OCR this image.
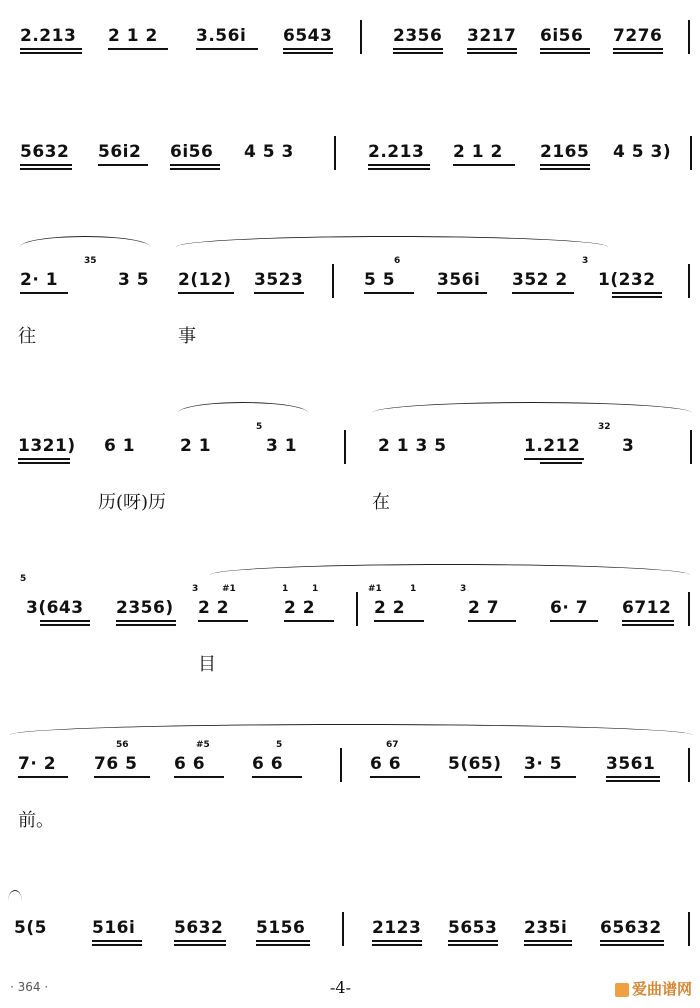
2.213 2 1 2 3.56i 6543	2356 3217 6i56 7276
5632 56i2 6i56 4 5 3	2.213 2 1 2 2165 4 5 3)
35	6	3
2· 1	3 5 2(12) 3523	5 5 356i 352 2 1(232
往	事
5	32
1321) 6 1	2 1	3 1	2 1 3 5	1.212 3
历(呀)历	在
5
3	#1	1	1	#1	1	3
3(643 2356) 2 2	2 2	2 2	2 7	6· 7 6712
目
56	#5	5	67
7· 2 76 5 6 6	6 6	6 6	5(65) 3· 5	3561
前。
5(5	516i 5632 5156	2123 5653 235i 65632
· 364 ·	-4-	爱曲谱网
